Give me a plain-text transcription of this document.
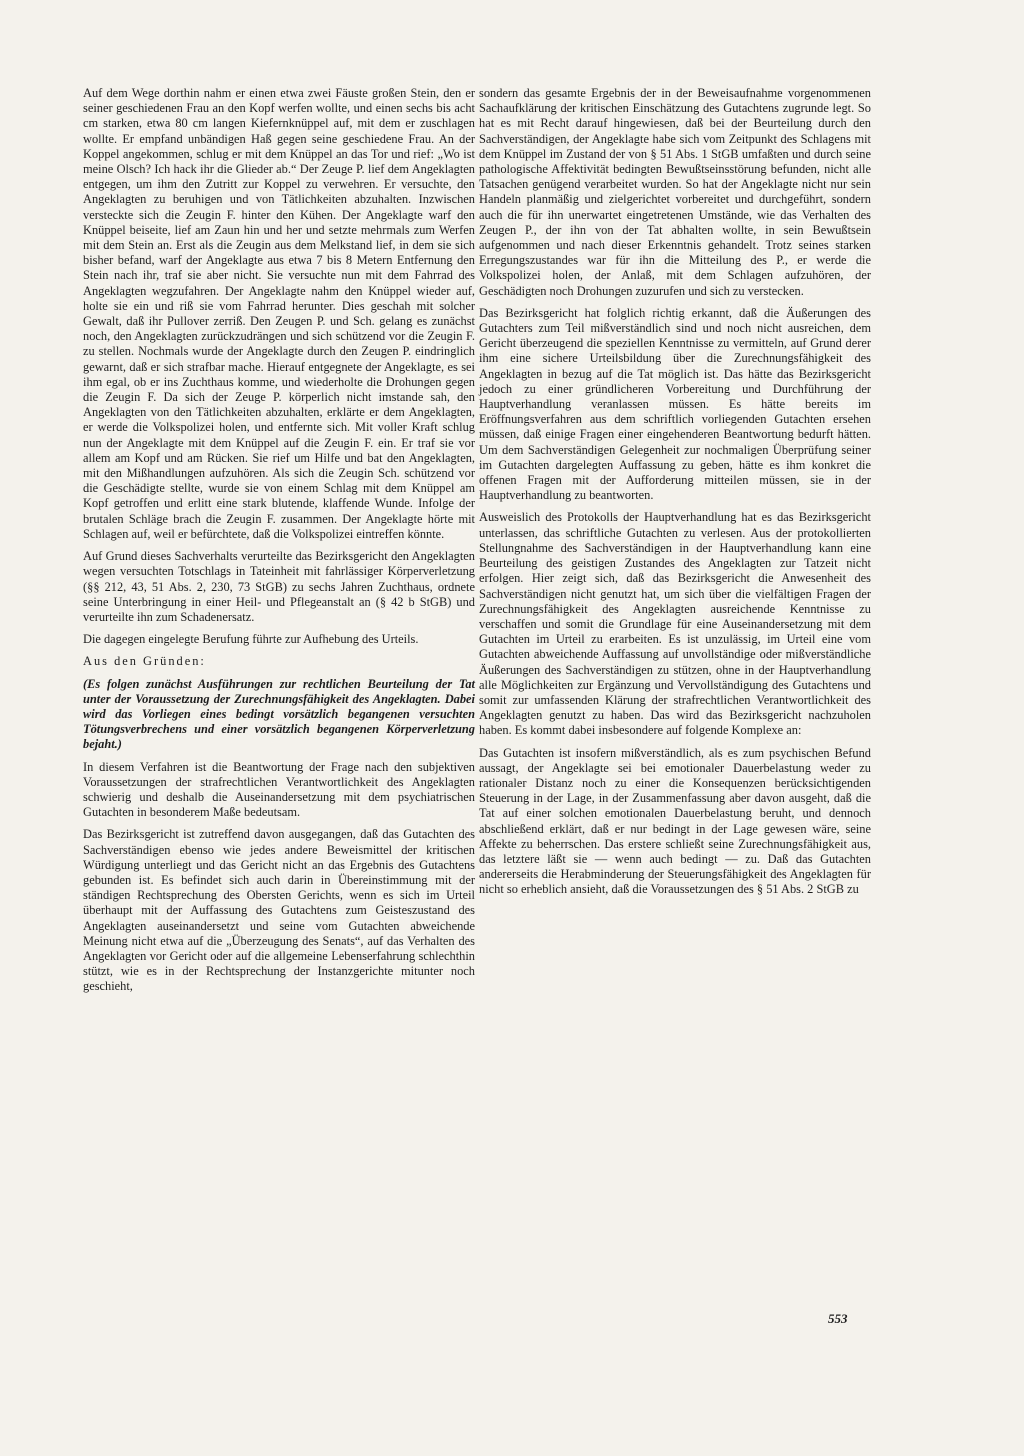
Auf dem Wege dorthin nahm er einen etwa zwei Fäuste großen Stein, den er seiner geschiedenen Frau an den Kopf werfen wollte, und einen sechs bis acht cm starken, etwa 80 cm langen Kiefernknüppel auf, mit dem er zuschlagen wollte. Er empfand unbändigen Haß gegen seine geschiedene Frau. An der Koppel angekommen, schlug er mit dem Knüppel an das Tor und rief: „Wo ist meine Olsch? Ich hack ihr die Glieder ab.“ Der Zeuge P. lief dem Angeklagten entgegen, um ihm den Zutritt zur Koppel zu verwehren. Er versuchte, den Angeklagten zu beruhigen und von Tätlichkeiten abzuhalten. Inzwischen versteckte sich die Zeugin F. hinter den Kühen. Der Angeklagte warf den Knüppel beiseite, lief am Zaun hin und her und setzte mehrmals zum Werfen mit dem Stein an. Erst als die Zeugin aus dem Melkstand lief, in dem sie sich bisher befand, warf der Angeklagte aus etwa 7 bis 8 Metern Entfernung den Stein nach ihr, traf sie aber nicht. Sie versuchte nun mit dem Fahrrad des Angeklagten wegzufahren. Der Angeklagte nahm den Knüppel wieder auf, holte sie ein und riß sie vom Fahrrad herunter. Dies geschah mit solcher Gewalt, daß ihr Pullover zerriß. Den Zeugen P. und Sch. gelang es zunächst noch, den Angeklagten zurückzudrängen und sich schützend vor die Zeugin F. zu stellen. Nochmals wurde der Angeklagte durch den Zeugen P. eindringlich gewarnt, daß er sich strafbar mache. Hierauf entgegnete der Angeklagte, es sei ihm egal, ob er ins Zuchthaus komme, und wiederholte die Drohungen gegen die Zeugin F. Da sich der Zeuge P. körperlich nicht imstande sah, den Angeklagten von den Tätlichkeiten abzuhalten, erklärte er dem Angeklagten, er werde die Volkspolizei holen, und entfernte sich. Mit voller Kraft schlug nun der Angeklagte mit dem Knüppel auf die Zeugin F. ein. Er traf sie vor allem am Kopf und am Rücken. Sie rief um Hilfe und bat den Angeklagten, mit den Mißhandlungen aufzuhören. Als sich die Zeugin Sch. schützend vor die Geschädigte stellte, wurde sie von einem Schlag mit dem Knüppel am Kopf getroffen und erlitt eine stark blutende, klaffende Wunde. Infolge der brutalen Schläge brach die Zeugin F. zusammen. Der Angeklagte hörte mit Schlagen auf, weil er befürchtete, daß die Volkspolizei eintreffen könnte.

Auf Grund dieses Sachverhalts verurteilte das Bezirksgericht den Angeklagten wegen versuchten Totschlags in Tateinheit mit fahrlässiger Körperverletzung (§§ 212, 43, 51 Abs. 2, 230, 73 StGB) zu sechs Jahren Zuchthaus, ordnete seine Unterbringung in einer Heil- und Pflegeanstalt an (§ 42 b StGB) und verurteilte ihn zum Schadenersatz.

Die dagegen eingelegte Berufung führte zur Aufhebung des Urteils.

Aus den Gründen:

(Es folgen zunächst Ausführungen zur rechtlichen Beurteilung der Tat unter der Voraussetzung der Zurechnungsfähigkeit des Angeklagten. Dabei wird das Vorliegen eines bedingt vorsätzlich begangenen versuchten Tötungsverbrechens und einer vorsätzlich begangenen Körperverletzung bejaht.)

In diesem Verfahren ist die Beantwortung der Frage nach den subjektiven Voraussetzungen der strafrechtlichen Verantwortlichkeit des Angeklagten schwierig und deshalb die Auseinandersetzung mit dem psychiatrischen Gutachten in besonderem Maße bedeutsam.

Das Bezirksgericht ist zutreffend davon ausgegangen, daß das Gutachten des Sachverständigen ebenso wie jedes andere Beweismittel der kritischen Würdigung unterliegt und das Gericht nicht an das Ergebnis des Gutachtens gebunden ist. Es befindet sich auch darin in Übereinstimmung mit der ständigen Rechtsprechung des Obersten Gerichts, wenn es sich im Urteil überhaupt mit der Auffassung des Gutachtens zum Geisteszustand des Angeklagten auseinandersetzt und seine vom Gutachten abweichende Meinung nicht etwa auf die „Überzeugung des Senats“, auf das Verhalten des Angeklagten vor Gericht oder auf die allgemeine Lebenserfahrung schlechthin stützt, wie es in der Rechtsprechung der Instanzgerichte mitunter noch geschieht,

sondern das gesamte Ergebnis der in der Beweisaufnahme vorgenommenen Sachaufklärung der kritischen Einschätzung des Gutachtens zugrunde legt. So hat es mit Recht darauf hingewiesen, daß bei der Beurteilung durch den Sachverständigen, der Angeklagte habe sich vom Zeitpunkt des Schlagens mit dem Knüppel im Zustand der von § 51 Abs. 1 StGB umfaßten und durch seine pathologische Affektivität bedingten Bewußtseinsstörung befunden, nicht alle Tatsachen genügend verarbeitet wurden. So hat der Angeklagte nicht nur sein Handeln planmäßig und zielgerichtet vorbereitet und durchgeführt, sondern auch die für ihn unerwartet eingetretenen Umstände, wie das Verhalten des Zeugen P., der ihn von der Tat abhalten wollte, in sein Bewußtsein aufgenommen und nach dieser Erkenntnis gehandelt. Trotz seines starken Erregungszustandes war für ihn die Mitteilung des P., er werde die Volkspolizei holen, der Anlaß, mit dem Schlagen aufzuhören, der Geschädigten noch Drohungen zuzurufen und sich zu verstecken.

Das Bezirksgericht hat folglich richtig erkannt, daß die Äußerungen des Gutachters zum Teil mißverständlich sind und noch nicht ausreichen, dem Gericht überzeugend die speziellen Kenntnisse zu vermitteln, auf Grund derer ihm eine sichere Urteilsbildung über die Zurechnungsfähigkeit des Angeklagten in bezug auf die Tat möglich ist. Das hätte das Bezirksgericht jedoch zu einer gründlicheren Vorbereitung und Durchführung der Hauptverhandlung veranlassen müssen. Es hätte bereits im Eröffnungsverfahren aus dem schriftlich vorliegenden Gutachten ersehen müssen, daß einige Fragen einer eingehenderen Beantwortung bedurft hätten. Um dem Sachverständigen Gelegenheit zur nochmaligen Überprüfung seiner im Gutachten dargelegten Auffassung zu geben, hätte es ihm konkret die offenen Fragen mit der Aufforderung mitteilen müssen, sie in der Hauptverhandlung zu beantworten.

Ausweislich des Protokolls der Hauptverhandlung hat es das Bezirksgericht unterlassen, das schriftliche Gutachten zu verlesen. Aus der protokollierten Stellungnahme des Sachverständigen in der Hauptverhandlung kann eine Beurteilung des geistigen Zustandes des Angeklagten zur Tatzeit nicht erfolgen. Hier zeigt sich, daß das Bezirksgericht die Anwesenheit des Sachverständigen nicht genutzt hat, um sich über die vielfältigen Fragen der Zurechnungsfähigkeit des Angeklagten ausreichende Kenntnisse zu verschaffen und somit die Grundlage für eine Auseinandersetzung mit dem Gutachten im Urteil zu erarbeiten. Es ist unzulässig, im Urteil eine vom Gutachten abweichende Auffassung auf unvollständige oder mißverständliche Äußerungen des Sachverständigen zu stützen, ohne in der Hauptverhandlung alle Möglichkeiten zur Ergänzung und Vervollständigung des Gutachtens und somit zur umfassenden Klärung der strafrechtlichen Verantwortlichkeit des Angeklagten genutzt zu haben. Das wird das Bezirksgericht nachzuholen haben. Es kommt dabei insbesondere auf folgende Komplexe an:

Das Gutachten ist insofern mißverständlich, als es zum psychischen Befund aussagt, der Angeklagte sei bei emotionaler Dauerbelastung weder zu rationaler Distanz noch zu einer die Konsequenzen berücksichtigenden Steuerung in der Lage, in der Zusammenfassung aber davon ausgeht, daß die Tat auf einer solchen emotionalen Dauerbelastung beruht, und dennoch abschließend erklärt, daß er nur bedingt in der Lage gewesen wäre, seine Affekte zu beherrschen. Das erstere schließt seine Zurechnungsfähigkeit aus, das letztere läßt sie — wenn auch bedingt — zu. Daß das Gutachten andererseits die Herabminderung der Steuerungsfähigkeit des Angeklagten für nicht so erheblich ansieht, daß die Voraussetzungen des § 51 Abs. 2 StGB zu

553
